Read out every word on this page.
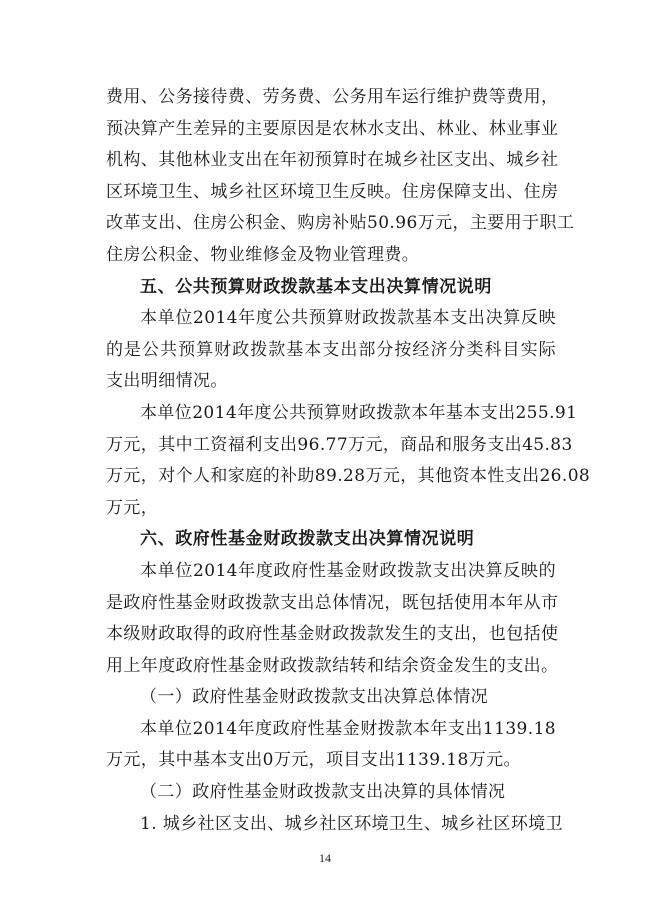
费用、公务接待费、劳务费、公务用车运行维护费等费用，
预决算产生差异的主要原因是农林水支出、林业、林业事业
机构、其他林业支出在年初预算时在城乡社区支出、城乡社
区环境卫生、城乡社区环境卫生反映。住房保障支出、住房
改革支出、住房公积金、购房补贴50.96万元，主要用于职工
住房公积金、物业维修金及物业管理费。
五、公共预算财政拨款基本支出决算情况说明
本单位2014年度公共预算财政拨款基本支出决算反映
的是公共预算财政拨款基本支出部分按经济分类科目实际
支出明细情况。
本单位2014年度公共预算财政拨款本年基本支出255.91
万元，其中工资福利支出96.77万元，商品和服务支出45.83
万元，对个人和家庭的补助89.28万元，其他资本性支出26.08
万元，
六、政府性基金财政拨款支出决算情况说明
本单位2014年度政府性基金财政拨款支出决算反映的
是政府性基金财政拨款支出总体情况，既包括使用本年从市
本级财政取得的政府性基金财政拨款发生的支出，也包括使
用上年度政府性基金财政拨款结转和结余资金发生的支出。
（一）政府性基金财政拨款支出决算总体情况
本单位2014年度政府性基金财拨款本年支出1139.18
万元，其中基本支出0万元，项目支出1139.18万元。
（二）政府性基金财政拨款支出决算的具体情况
1. 城乡社区支出、城乡社区环境卫生、城乡社区环境卫
14
